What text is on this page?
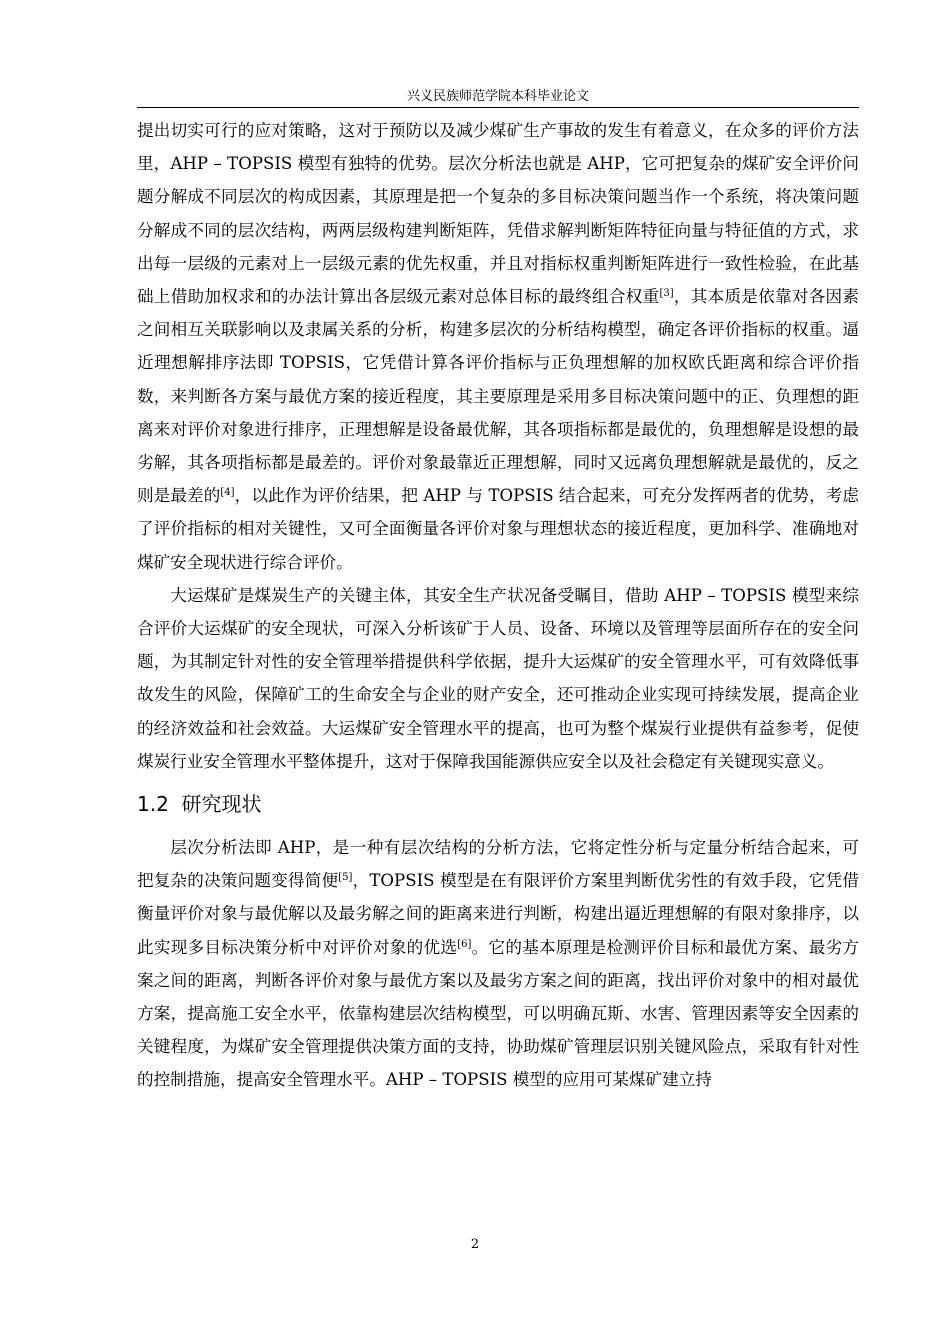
兴义民族师范学院本科毕业论文

提出切实可行的应对策略，这对于预防以及减少煤矿生产事故的发生有着意义，在众多的评价方法里，AHP – TOPSIS 模型有独特的优势。层次分析法也就是 AHP，它可把复杂的煤矿安全评价问题分解成不同层次的构成因素，其原理是把一个复杂的多目标决策问题当作一个系统，将决策问题分解成不同的层次结构，两两层级构建判断矩阵，凭借求解判断矩阵特征向量与特征值的方式，求出每一层级的元素对上一层级元素的优先权重，并且对指标权重判断矩阵进行一致性检验，在此基础上借助加权求和的办法计算出各层级元素对总体目标的最终组合权重[3]，其本质是依靠对各因素之间相互关联影响以及隶属关系的分析，构建多层次的分析结构模型，确定各评价指标的权重。逼近理想解排序法即 TOPSIS，它凭借计算各评价指标与正负理想解的加权欧氏距离和综合评价指数，来判断各方案与最优方案的接近程度，其主要原理是采用多目标决策问题中的正、负理想的距离来对评价对象进行排序，正理想解是设备最优解，其各项指标都是最优的，负理想解是设想的最劣解，其各项指标都是最差的。评价对象最靠近正理想解，同时又远离负理想解就是最优的，反之则是最差的[4]，以此作为评价结果，把 AHP 与 TOPSIS 结合起来，可充分发挥两者的优势，考虑了评价指标的相对关键性，又可全面衡量各评价对象与理想状态的接近程度，更加科学、准确地对煤矿安全现状进行综合评价。

大运煤矿是煤炭生产的关键主体，其安全生产状况备受瞩目，借助 AHP – TOPSIS 模型来综合评价大运煤矿的安全现状，可深入分析该矿于人员、设备、环境以及管理等层面所存在的安全问题，为其制定针对性的安全管理举措提供科学依据，提升大运煤矿的安全管理水平，可有效降低事故发生的风险，保障矿工的生命安全与企业的财产安全，还可推动企业实现可持续发展，提高企业的经济效益和社会效益。大运煤矿安全管理水平的提高，也可为整个煤炭行业提供有益参考，促使煤炭行业安全管理水平整体提升，这对于保障我国能源供应安全以及社会稳定有关键现实意义。

1.2 研究现状

层次分析法即 AHP，是一种有层次结构的分析方法，它将定性分析与定量分析结合起来，可把复杂的决策问题变得简便[5]，TOPSIS 模型是在有限评价方案里判断优劣性的有效手段，它凭借衡量评价对象与最优解以及最劣解之间的距离来进行判断，构建出逼近理想解的有限对象排序，以此实现多目标决策分析中对评价对象的优选[6]。它的基本原理是检测评价目标和最优方案、最劣方案之间的距离，判断各评价对象与最优方案以及最劣方案之间的距离，找出评价对象中的相对最优方案，提高施工安全水平，依靠构建层次结构模型，可以明确瓦斯、水害、管理因素等安全因素的关键程度，为煤矿安全管理提供决策方面的支持，协助煤矿管理层识别关键风险点，采取有针对性的控制措施，提高安全管理水平。AHP – TOPSIS 模型的应用可某煤矿建立持

2
